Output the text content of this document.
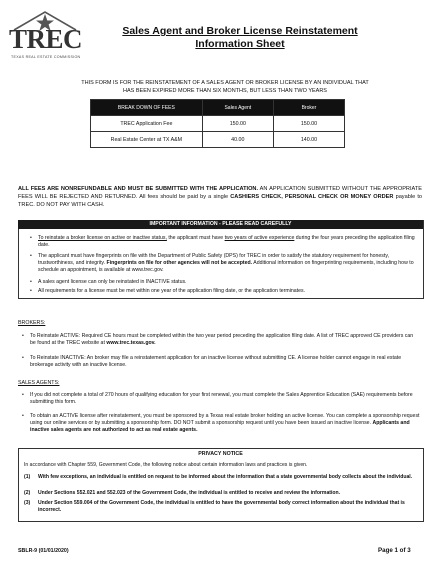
TREC
TEXAS REAL ESTATE COMMISSION
Sales Agent and Broker License Reinstatement
Information Sheet
THIS FORM IS FOR THE REINSTATEMENT OF A SALES AGENT OR BROKER LICENSE BY AN INDIVIDUAL THAT HAS BEEN EXPIRED MORE THAN SIX MONTHS, BUT LESS THAN TWO YEARS
BREAK DOWN OF FEES	Sales Agent	Broker
TREC Application Fee	150.00	150.00
Real Estate Center at TX A&M	40.00	140.00
ALL FEES ARE NONREFUNDABLE AND MUST BE SUBMITTED WITH THE APPLICATION. AN APPLICATION SUBMITTED WITHOUT THE APPROPRIATE FEES WILL BE REJECTED AND RETURNED. All fees should be paid by a single CASHIERS CHECK, PERSONAL CHECK OR MONEY ORDER payable to TREC. DO NOT PAY WITH CASH.
IMPORTANT INFORMATION - PLEASE READ CAREFULLY
• To reinstate a broker license on active or inactive status, the applicant must have two years of active experience during the four years preceding the application filing date.
• The applicant must have fingerprints on file with the Department of Public Safety (DPS) for TREC in order to satisfy the statutory requirement for honesty, trustworthiness, and integrity. Fingerprints on file for other agencies will not be accepted. Additional information on fingerprinting requirements, including how to schedule an appointment, is available at www.trec.gov.
• A sales agent license can only be reinstated in INACTIVE status.
• All requirements for a license must be met within one year of the application filing date, or the application terminates.
BROKERS:
• To Reinstate ACTIVE: Required CE hours must be completed within the two year period preceding the application filing date. A list of TREC approved CE providers can be found at the TREC website at www.trec.texas.gov.
• To Reinstate INACTIVE: An broker may file a reinstatement application for an inactive license without submitting CE. A license holder cannot engage in real estate brokerage activity with an inactive license.
SALES AGENTS:
• If you did not complete a total of 270 hours of qualifying education for your first renewal, you must complete the Sales Apprentice Education (SAE) requirements before submitting this form.
• To obtain an ACTIVE license after reinstatement, you must be sponsored by a Texas real estate broker holding an active license. You can complete a sponsorship request using our online services or by submitting a sponsorship form. DO NOT submit a sponsorship request until you have been issued an inactive license. Applicants and inactive sales agents are not authorized to act as real estate agents.
PRIVACY NOTICE
In accordance with Chapter 559, Government Code, the following notice about certain information laws and practices is given.
(1) With few exceptions, an individual is entitled on request to be informed about the information that a state governmental body collects about the individual.
(2) Under Sections 552.021 and 552.023 of the Government Code, the individual is entitled to receive and review the information.
(3) Under Section 559.004 of the Government Code, the individual is entitled to have the governmental body correct information about the individual that is incorrect.
SBLR-9 (01/01/2020)	Page 1 of 3
